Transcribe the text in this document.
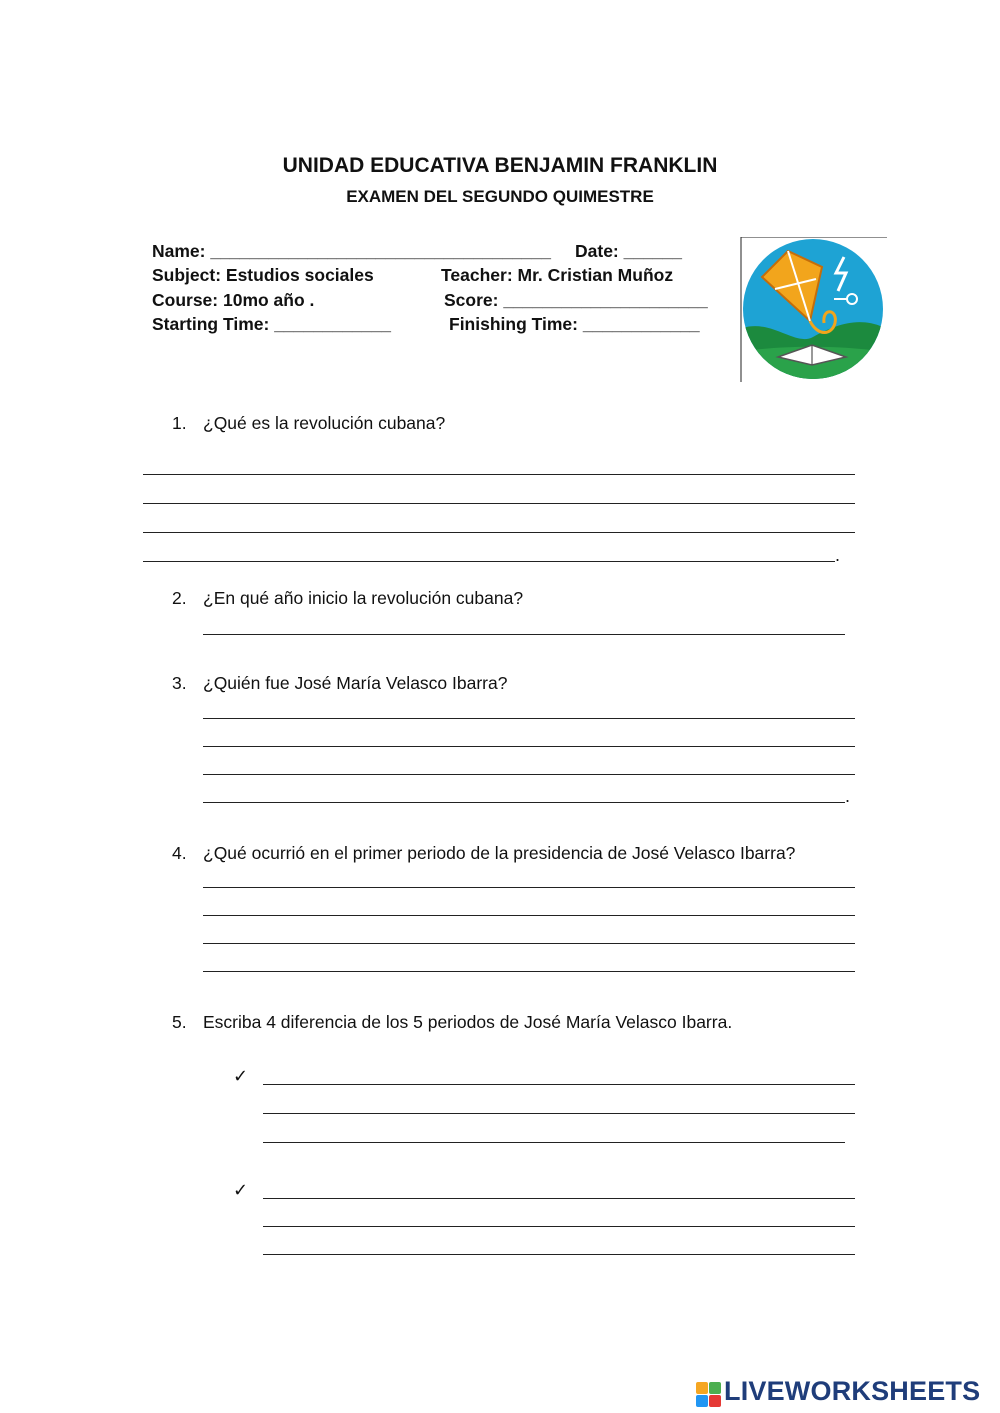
UNIDAD EDUCATIVA BENJAMIN FRANKLIN
EXAMEN DEL SEGUNDO QUIMESTRE
Name: ___________________________________ Date: ______
Subject: Estudios sociales	Teacher: Mr. Cristian Muñoz
Course: 10mo año .	Score: _____________________
Starting Time: ____________	Finishing Time: ____________
1. ¿Qué es la revolución cubana?
.
2. ¿En qué año inicio la revolución cubana?
3. ¿Quién fue José María Velasco Ibarra?
.
4. ¿Qué ocurrió en el primer periodo de la presidencia de José Velasco Ibarra?
5. Escriba 4 diferencia de los 5 periodos de José María Velasco Ibarra.
✓
✓
LIVEWORKSHEETS
